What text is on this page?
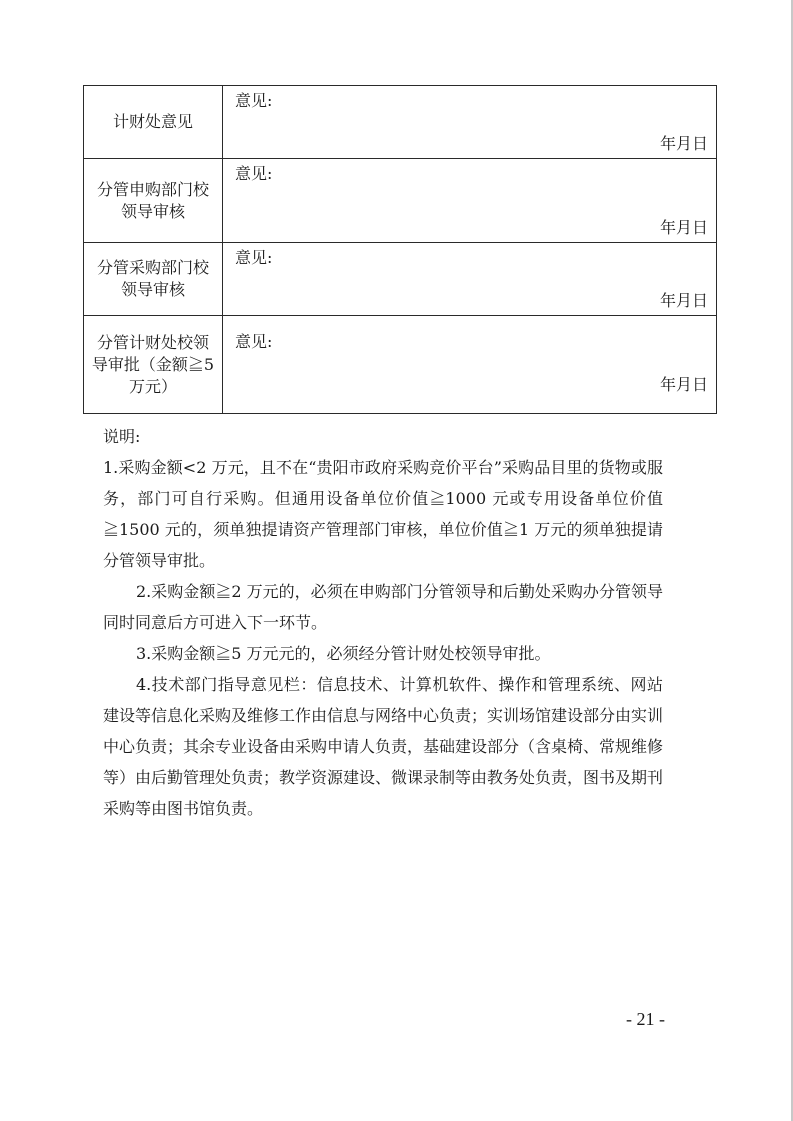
计财处意见	意见:
年月日

分管申购部门校领导审核	意见:
年月日

分管采购部门校领导审核	意见:
年月日

分管计财处校领导审批（金额≧5 万元）	意见:
年月日

说明:

1.采购金额<2 万元，且不在“贵阳市政府采购竞价平台”采购品目里的货物或服务，部门可自行采购。但通用设备单位价值≧1000 元或专用设备单位价值≧1500 元的，须单独提请资产管理部门审核，单位价值≧1 万元的须单独提请分管领导审批。

2.采购金额≧2 万元的，必须在申购部门分管领导和后勤处采购办分管领导同时同意后方可进入下一环节。

3.采购金额≧5 万元元的，必须经分管计财处校领导审批。

4.技术部门指导意见栏：信息技术、计算机软件、操作和管理系统、网站建设等信息化采购及维修工作由信息与网络中心负责；实训场馆建设部分由实训中心负责；其余专业设备由采购申请人负责，基础建设部分（含桌椅、常规维修等）由后勤管理处负责；教学资源建设、微课录制等由教务处负责，图书及期刊采购等由图书馆负责。

- 21 -
